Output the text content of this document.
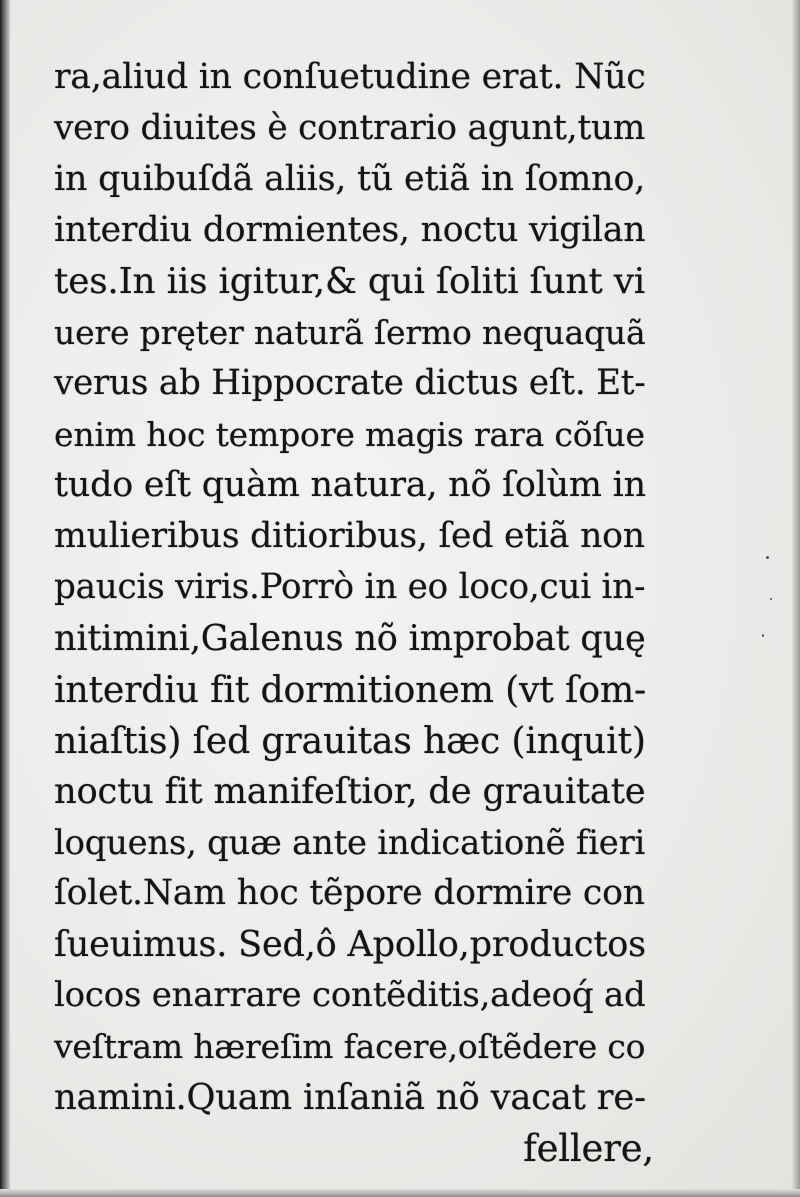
ra,aliud in conſuetudine erat. Nũc
vero diuites è contrario agunt,tum
in quibuſdã aliis, tũ etiã in ſomno,
interdiu dormientes, noctu vigilan
tes.In iis igitur,& qui ſoliti ſunt vi
uere pręter naturã ſermo nequaquã
verus ab Hippocrate dictus eſt. Et-
enim hoc tempore magis rara cõſue
tudo eſt quàm natura, nõ ſolùm in
mulieribus ditioribus, ſed etiã non
paucis viris.Porrò in eo loco,cui in-
nitimini,Galenus nõ improbat quę
interdiu fit dormitionem (vt ſom-
niaſtis) ſed grauitas hæc (inquit)
noctu fit manifeſtior, de grauitate
loquens, quæ ante indicationẽ fieri
ſolet.Nam hoc tẽpore dormire con
ſueuimus. Sed,ô Apollo,productos
locos enarrare contẽditis,adeoq́ ad
veſtram hæreſim facere,oſtẽdere co
namini.Quam inſaniã nõ vacat re-
fellere,
